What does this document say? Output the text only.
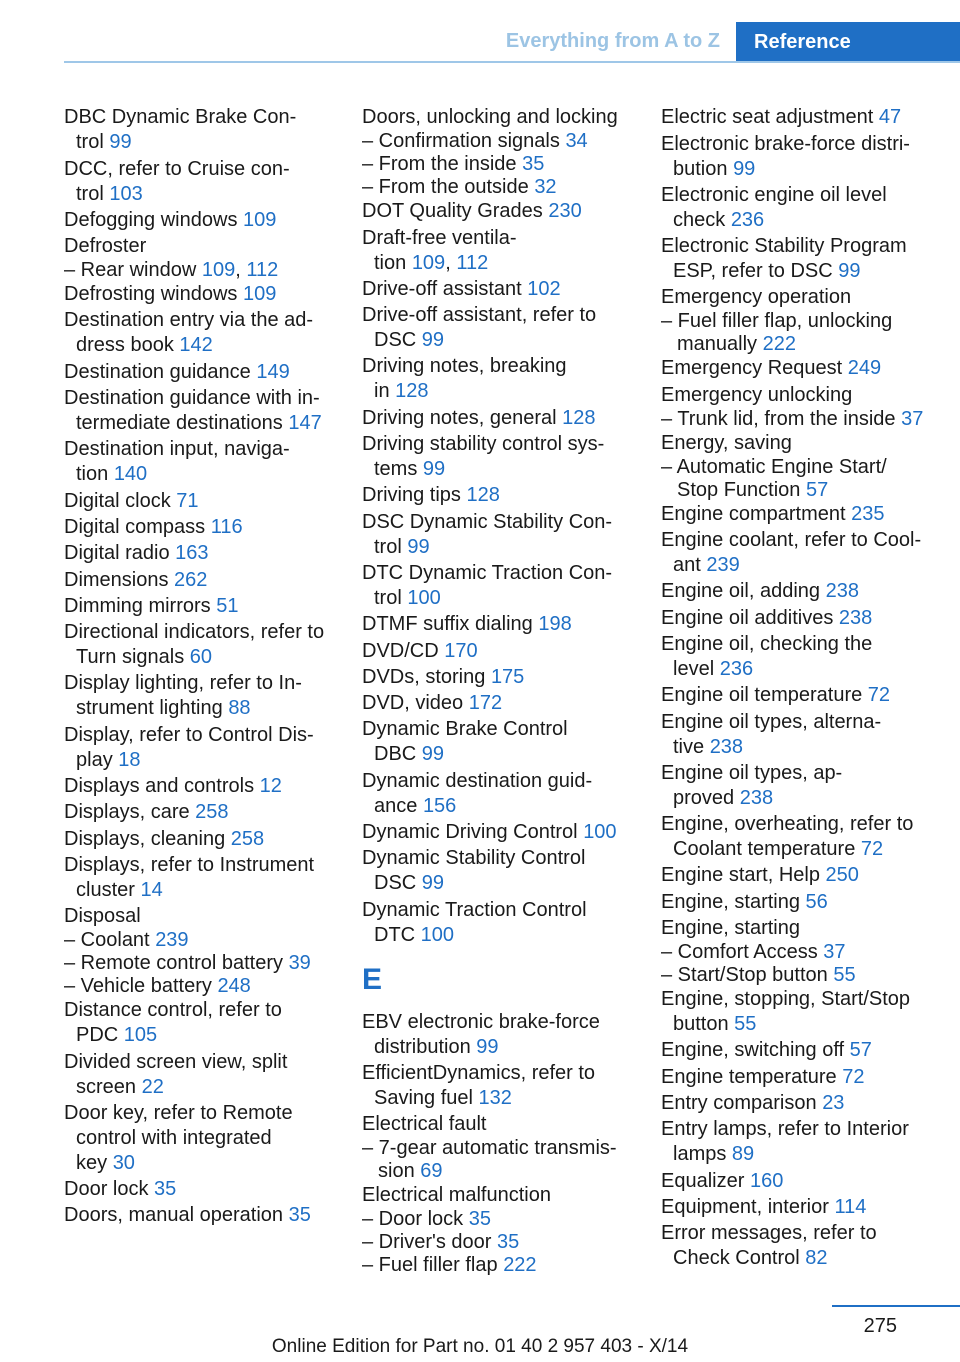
Everything from A to Z Reference
DBC Dynamic Brake Con-
trol 99
DCC, refer to Cruise con-
trol 103
Defogging windows 109
Defroster
– Rear window 109, 112
Defrosting windows 109
Destination entry via the ad-
dress book 142
Destination guidance 149
Destination guidance with in-
termediate destinations 147
Destination input, naviga-
tion 140
Digital clock 71
Digital compass 116
Digital radio 163
Dimensions 262
Dimming mirrors 51
Directional indicators, refer to
Turn signals 60
Display lighting, refer to In-
strument lighting 88
Display, refer to Control Dis-
play 18
Displays and controls 12
Displays, care 258
Displays, cleaning 258
Displays, refer to Instrument
cluster 14
Disposal
– Coolant 239
– Remote control battery 39
– Vehicle battery 248
Distance control, refer to
PDC 105
Divided screen view, split
screen 22
Door key, refer to Remote
control with integrated
key 30
Door lock 35
Doors, manual operation 35
Doors, unlocking and locking
– Confirmation signals 34
– From the inside 35
– From the outside 32
DOT Quality Grades 230
Draft-free ventila-
tion 109, 112
Drive-off assistant 102
Drive-off assistant, refer to
DSC 99
Driving notes, breaking
in 128
Driving notes, general 128
Driving stability control sys-
tems 99
Driving tips 128
DSC Dynamic Stability Con-
trol 99
DTC Dynamic Traction Con-
trol 100
DTMF suffix dialing 198
DVD/CD 170
DVDs, storing 175
DVD, video 172
Dynamic Brake Control
DBC 99
Dynamic destination guid-
ance 156
Dynamic Driving Control 100
Dynamic Stability Control
DSC 99
Dynamic Traction Control
DTC 100
E
EBV electronic brake-force
distribution 99
EfficientDynamics, refer to
Saving fuel 132
Electrical fault
– 7-gear automatic transmis-
sion 69
Electrical malfunction
– Door lock 35
– Driver's door 35
– Fuel filler flap 222
Electric seat adjustment 47
Electronic brake-force distri-
bution 99
Electronic engine oil level
check 236
Electronic Stability Program
ESP, refer to DSC 99
Emergency operation
– Fuel filler flap, unlocking
manually 222
Emergency Request 249
Emergency unlocking
– Trunk lid, from the inside 37
Energy, saving
– Automatic Engine Start/
Stop Function 57
Engine compartment 235
Engine coolant, refer to Cool-
ant 239
Engine oil, adding 238
Engine oil additives 238
Engine oil, checking the
level 236
Engine oil temperature 72
Engine oil types, alterna-
tive 238
Engine oil types, ap-
proved 238
Engine, overheating, refer to
Coolant temperature 72
Engine start, Help 250
Engine, starting 56
Engine, starting
– Comfort Access 37
– Start/Stop button 55
Engine, stopping, Start/Stop
button 55
Engine, switching off 57
Engine temperature 72
Entry comparison 23
Entry lamps, refer to Interior
lamps 89
Equalizer 160
Equipment, interior 114
Error messages, refer to
Check Control 82
275
Online Edition for Part no. 01 40 2 957 403 - X/14
